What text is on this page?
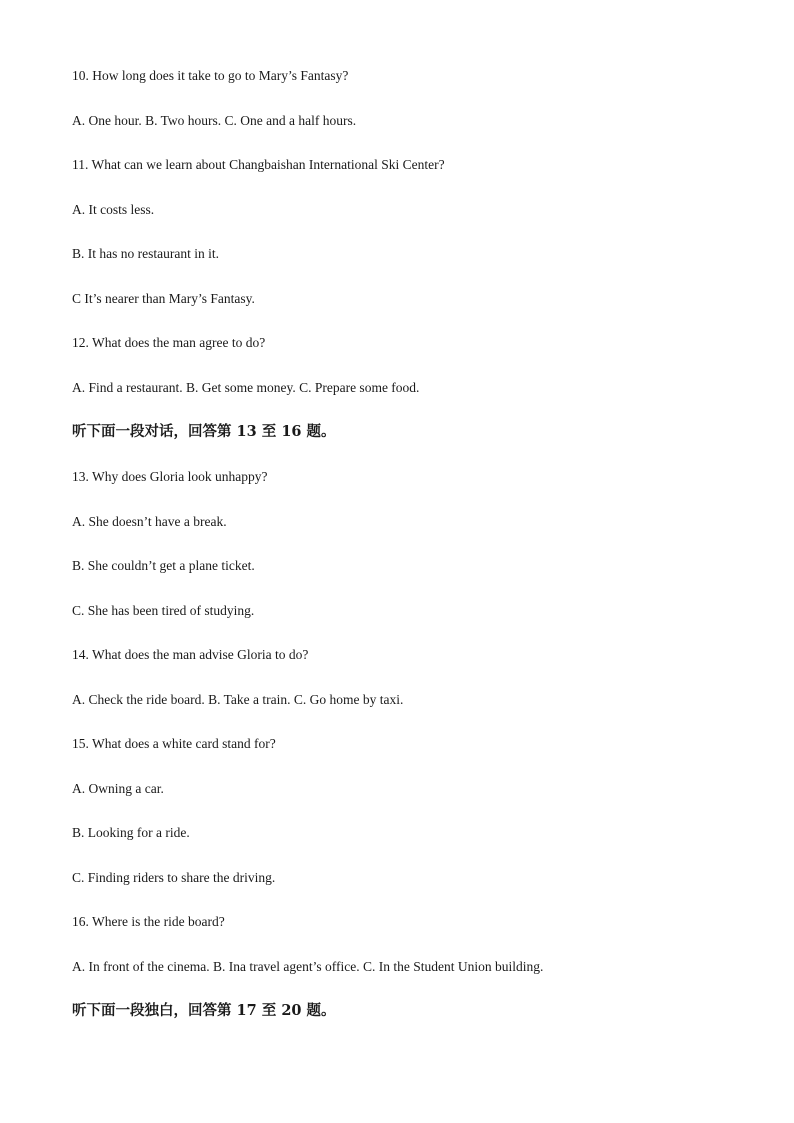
10. How long does it take to go to Mary’s Fantasy?
A. One hour. B. Two hours. C. One and a half hours.
11. What can we learn about Changbaishan International Ski Center?
A. It costs less.
B. It has no restaurant in it.
C It’s nearer than Mary’s Fantasy.
12. What does the man agree to do?
A. Find a restaurant. B. Get some money. C. Prepare some food.
听下面一段对话，回答第 13 至 16 题。
13. Why does Gloria look unhappy?
A. She doesn’t have a break.
B. She couldn’t get a plane ticket.
C. She has been tired of studying.
14. What does the man advise Gloria to do?
A. Check the ride board. B. Take a train. C. Go home by taxi.
15. What does a white card stand for?
A. Owning a car.
B. Looking for a ride.
C. Finding riders to share the driving.
16. Where is the ride board?
A. In front of the cinema. B. Ina travel agent’s office. C. In the Student Union building.
听下面一段独白，回答第 17 至 20 题。
